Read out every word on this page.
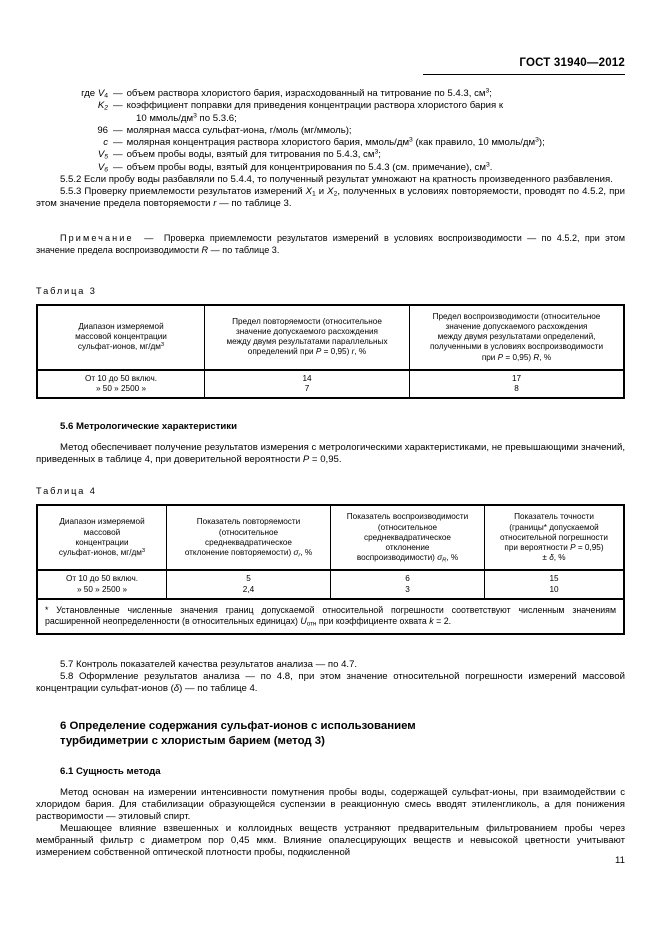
ГОСТ 31940—2012
где $V_4$ — объем раствора хлористого бария, израсходованный на титрование по 5.4.3, $см^3$;
$K_2$ — коэффициент поправки для приведения концентрации раствора хлористого бария к
10 ммоль/$дм^3$ по 5.3.6;
96 — молярная масса сульфат-иона, г/моль (мг/ммоль);
c — молярная концентрация раствора хлористого бария, ммоль/$дм^3$ (как правило, 10 ммоль/$дм^3$);
$V_5$ — объем пробы воды, взятый для титрования по 5.4.3, $см^3$;
$V_6$ — объем пробы воды, взятый для концентрирования по 5.4.3 (см. примечание), $см^3$.

5.5.2 Если пробу воды разбавляли по 5.4.4, то полученный результат умножают на кратность произведенного разбавления.

5.5.3 Проверку приемлемости результатов измерений $X_1$ и $X_2$, полученных в условиях повторяемости, проводят по 4.5.2, при этом значение предела повторяемости r — по таблице 3.

Примечание — Проверка приемлемости результатов измерений в условиях воспроизводимости — по 4.5.2, при этом значение предела воспроизводимости R — по таблице 3.

Таблица 3
Диапазон измеряемой
массовой концентрации
сульфат-ионов, $мг/дм^3$	Предел повторяемости (относительное
значение допускаемого расхождения
между двумя результатами параллельных
определений при P = 0,95) r, %	Предел воспроизводимости (относительное
значение допускаемого расхождения
между двумя результатами определений,
полученными в условиях воспроизводимости
при P = 0,95) R, %

От 10 до 50 включ.	14	17
» 50 » 2500 »	7	8
5.6 Метрологические характеристики

Метод обеспечивает получение результатов измерения с метрологическими характеристиками, не превышающими значений, приведенных в таблице 4, при доверительной вероятности P = 0,95.

Таблица 4
Диапазон измеряемой
массовой
концентрации
сульфат-ионов, $мг/дм^3$	Показатель повторяемости
(относительное
среднеквадратическое
отклонение повторяемости) $\sigma_r$, %	Показатель воспроизводимости
(относительное
среднеквадратическое
отклонение
воспроизводимости) $\sigma_R$, %	Показатель точности
(границы* допускаемой
относительной погрешности
при вероятности P = 0,95)
± δ, %

От 10 до 50 включ.	5	6	15
» 50 » 2500 »	2,4	3	10
* Установленные численные значения границ допускаемой относительной погрешности соответствуют численным значениям расширенной неопределенности (в относительных единицах) $U_{отн}$ при коэффициенте охвата k = 2.			

5.7 Контроль показателей качества результатов анализа — по 4.7.

5.8 Оформление результатов анализа — по 4.8, при этом значение относительной погрешности измерений массовой концентрации сульфат-ионов (δ) — по таблице 4.

6 Определение содержания сульфат-ионов с использованием
турбидиметрии с хлористым барием (метод 3)
6.1 Сущность метода

Метод основан на измерении интенсивности помутнения пробы воды, содержащей сульфат-ионы, при взаимодействии с хлоридом бария. Для стабилизации образующейся суспензии в реакционную смесь вводят этиленгликоль, а для понижения растворимости — этиловый спирт.

Мешающее влияние взвешенных и коллоидных веществ устраняют предварительным фильтрованием пробы через мембранный фильтр с диаметром пор 0,45 мкм. Влияние опалесцирующих веществ и невысокой цветности учитывают измерением собственной оптической плотности пробы, подкисленной

11
